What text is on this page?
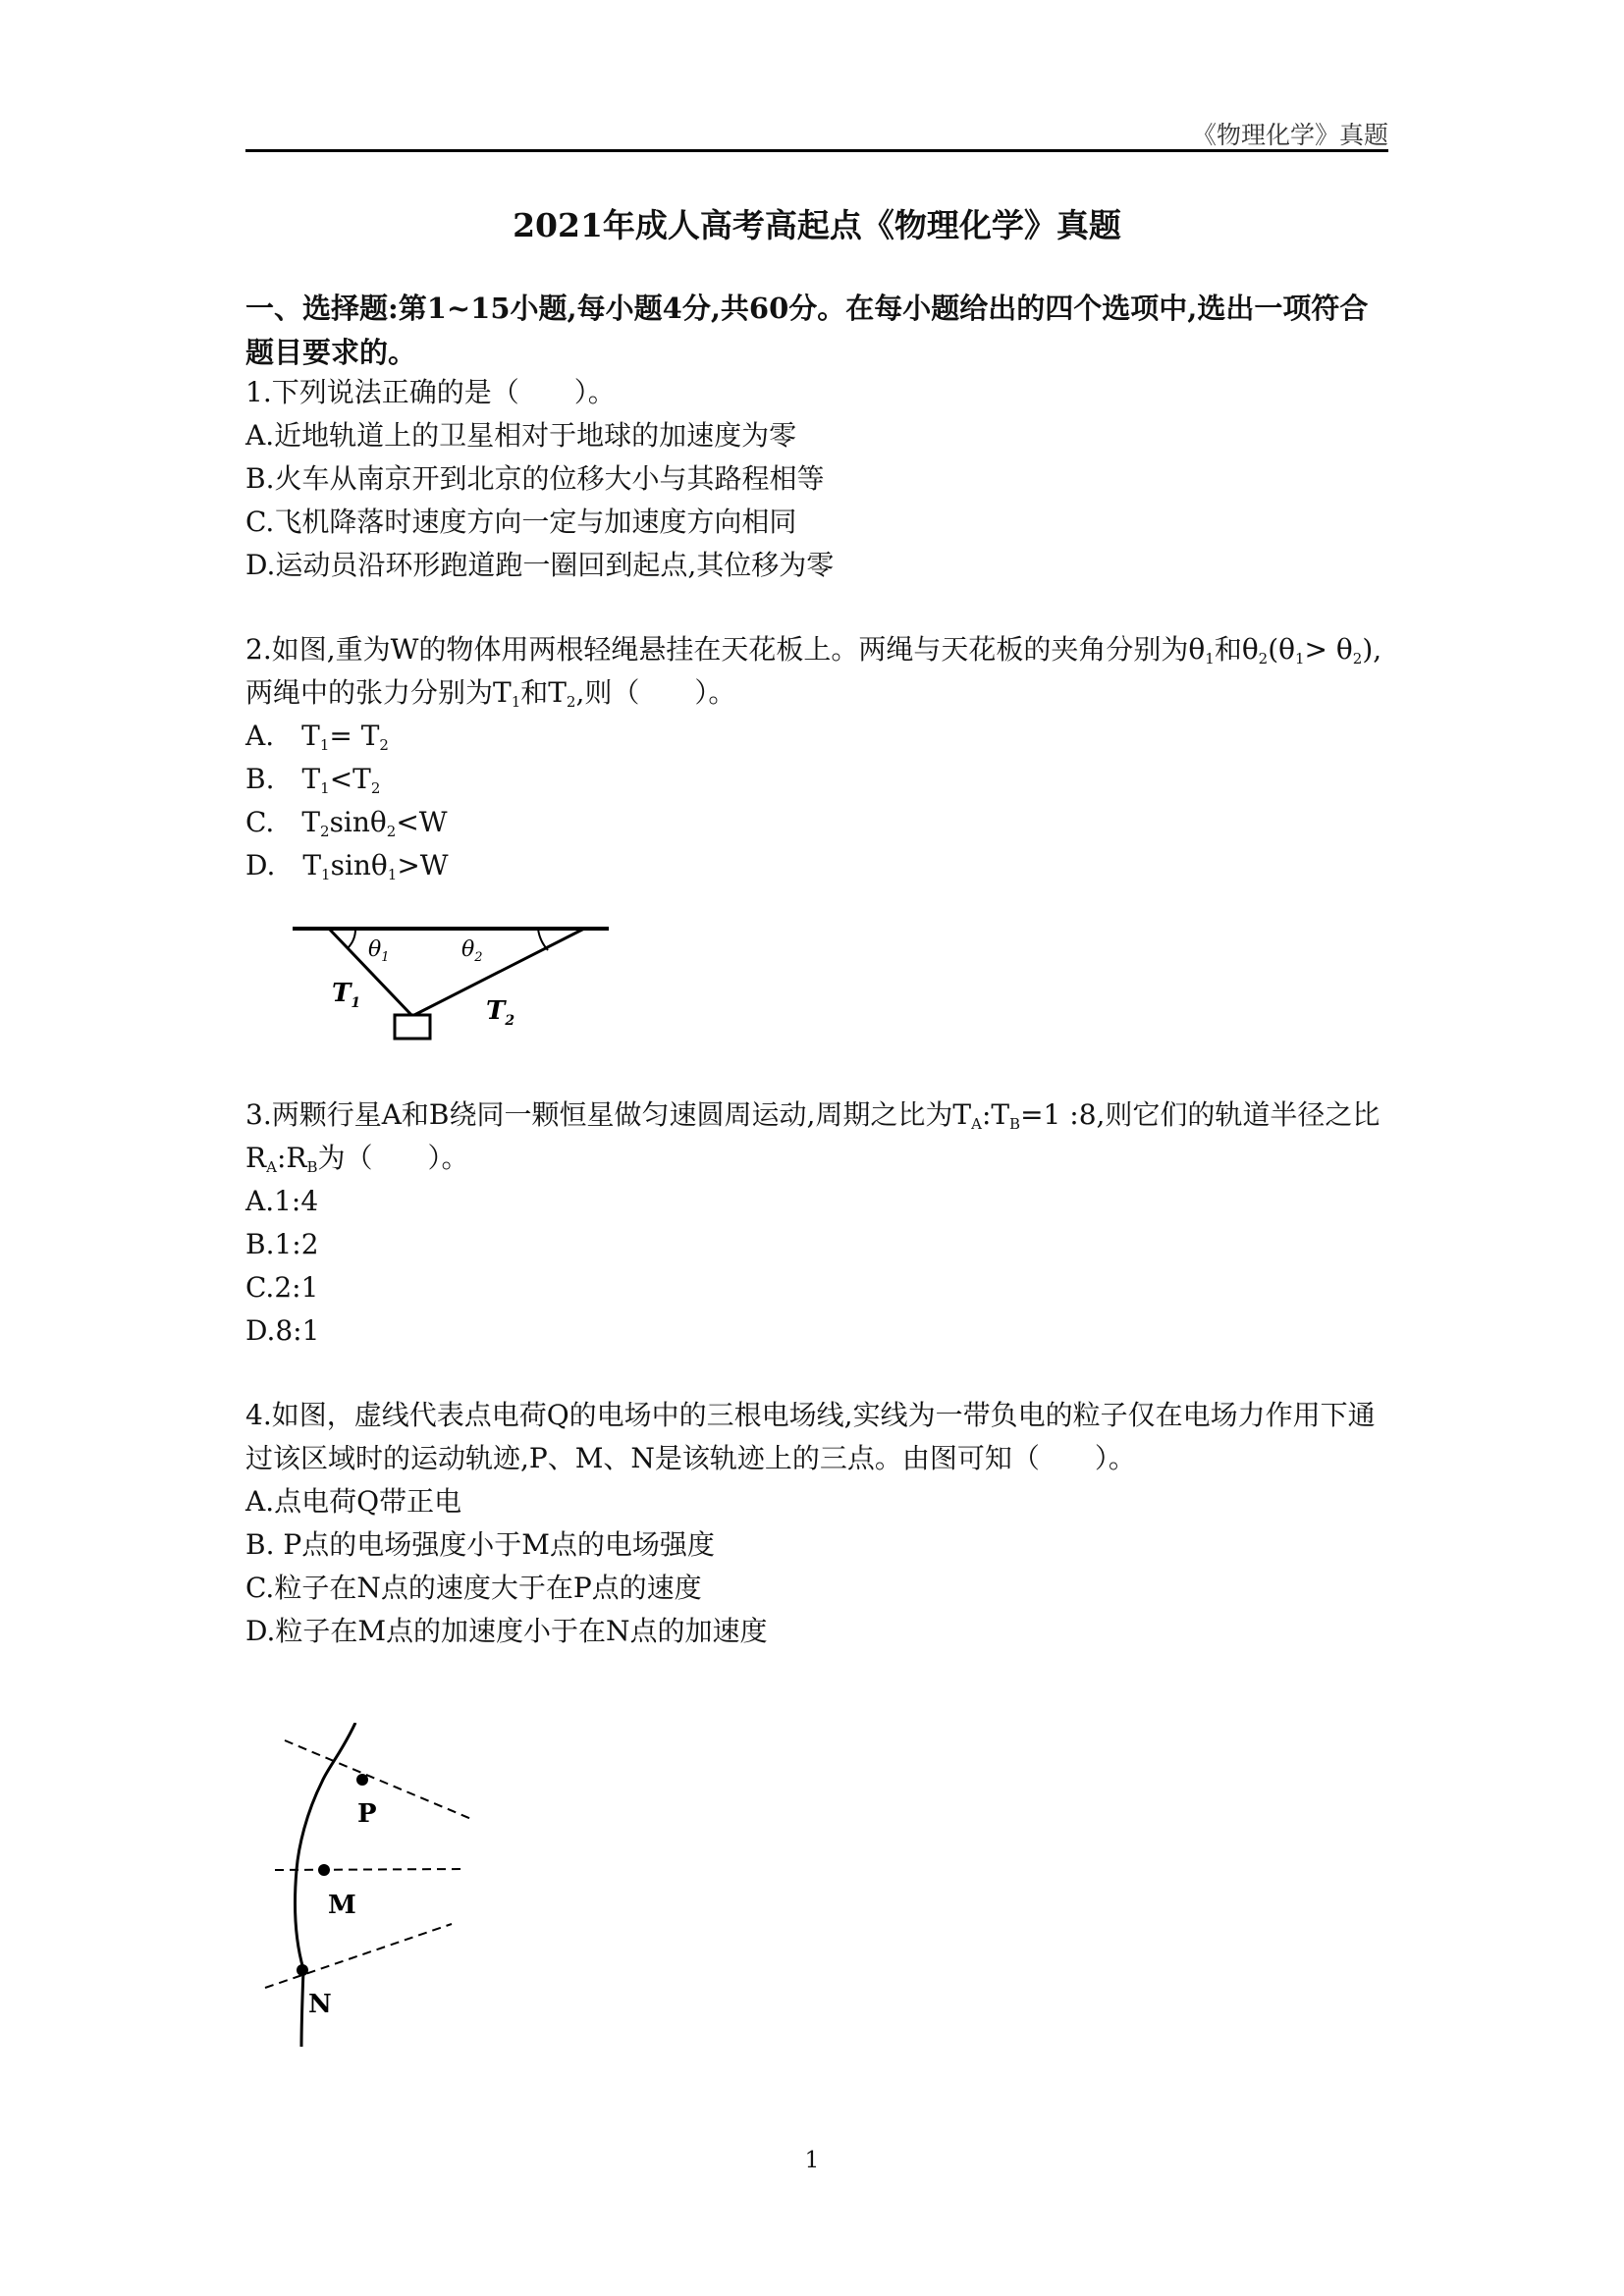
《物理化学》真题
2021年成人高考高起点《物理化学》真题

一、选择题:第1~15小题,每小题4分,共60分。在每小题给出的四个选项中,选出一项符合题目要求的。

1.下列说法正确的是（　　）。

A.近地轨道上的卫星相对于地球的加速度为零

B.火车从南京开到北京的位移大小与其路程相等

C.飞机降落时速度方向一定与加速度方向相同

D.运动员沿环形跑道跑一圈回到起点,其位移为零

2.如图,重为W的物体用两根轻绳悬挂在天花板上。两绳与天花板的夹角分别为$\theta_1$和$\theta_2(\theta_1> \theta_2)$,两绳中的张力分别为$T_1$和$T_2$,则（　　）。

A.　$T_1= T_2$

B.　$T_1<T_2$

C.　$T_2\sin\theta_2<W$

D.　$T_1\sin\theta_1>W$

$\theta_1$	$\theta_2$
$T_1$	$T_2$

3.两颗行星A和B绕同一颗恒星做匀速圆周运动,周期之比为$T_A:T_B=1$ :8,则它们的轨道半径之比$R_A:R_B$为（　　）。

A.1:4

B.1:2

C.2:1

D.8:1

4.如图，虚线代表点电荷Q的电场中的三根电场线,实线为一带负电的粒子仅在电场力作用下通过该区域时的运动轨迹,P、M、N是该轨迹上的三点。由图可知（　　）。

A.点电荷Q带正电

B. P点的电场强度小于M点的电场强度

C.粒子在N点的速度大于在P点的速度

D.粒子在M点的加速度小于在N点的加速度

P
M
N
1
